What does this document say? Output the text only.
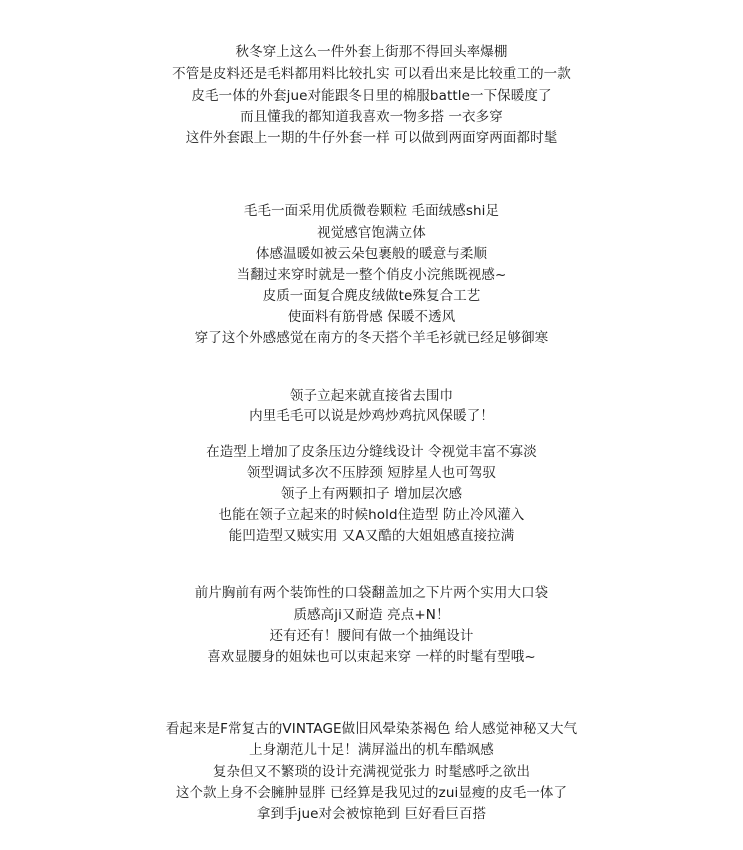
秋冬穿上这么一件外套上街那不得回头率爆棚
不管是皮料还是毛料都用料比较扎实 可以看出来是比较重工的一款
皮毛一体的外套jue对能跟冬日里的棉服battle一下保暖度了
而且懂我的都知道我喜欢一物多搭 一衣多穿
这件外套跟上一期的牛仔外套一样 可以做到两面穿两面都时髦
毛毛一面采用优质微卷颗粒 毛面绒感shi足
视觉感官饱满立体
体感温暖如被云朵包裹般的暖意与柔顺
当翻过来穿时就是一整个俏皮小浣熊既视感~
皮质一面复合麂皮绒做te殊复合工艺
使面料有筋骨感 保暖不透风
穿了这个外感感觉在南方的冬天搭个羊毛衫就已经足够御寒
领子立起来就直接省去围巾
内里毛毛可以说是炒鸡炒鸡抗风保暖了！
在造型上增加了皮条压边分缝线设计 令视觉丰富不寡淡
领型调试多次不压脖颈 短脖星人也可驾驭
领子上有两颗扣子 增加层次感
也能在领子立起来的时候hold住造型 防止冷风灌入
能凹造型又贼实用 又A又酷的大姐姐感直接拉满
前片胸前有两个装饰性的口袋翻盖加之下片两个实用大口袋
质感高ji又耐造 亮点+N！
还有还有！腰间有做一个抽绳设计
喜欢显腰身的姐妹也可以束起来穿 一样的时髦有型哦~
看起来是F常复古的VINTAGE做旧风晕染茶褐色 给人感觉神秘又大气
上身潮范儿十足！满屏溢出的机车酷飒感
复杂但又不繁琐的设计充满视觉张力 时髦感呼之欲出
这个款上身不会臃肿显胖 已经算是我见过的zui显瘦的皮毛一体了
拿到手jue对会被惊艳到 巨好看巨百搭
